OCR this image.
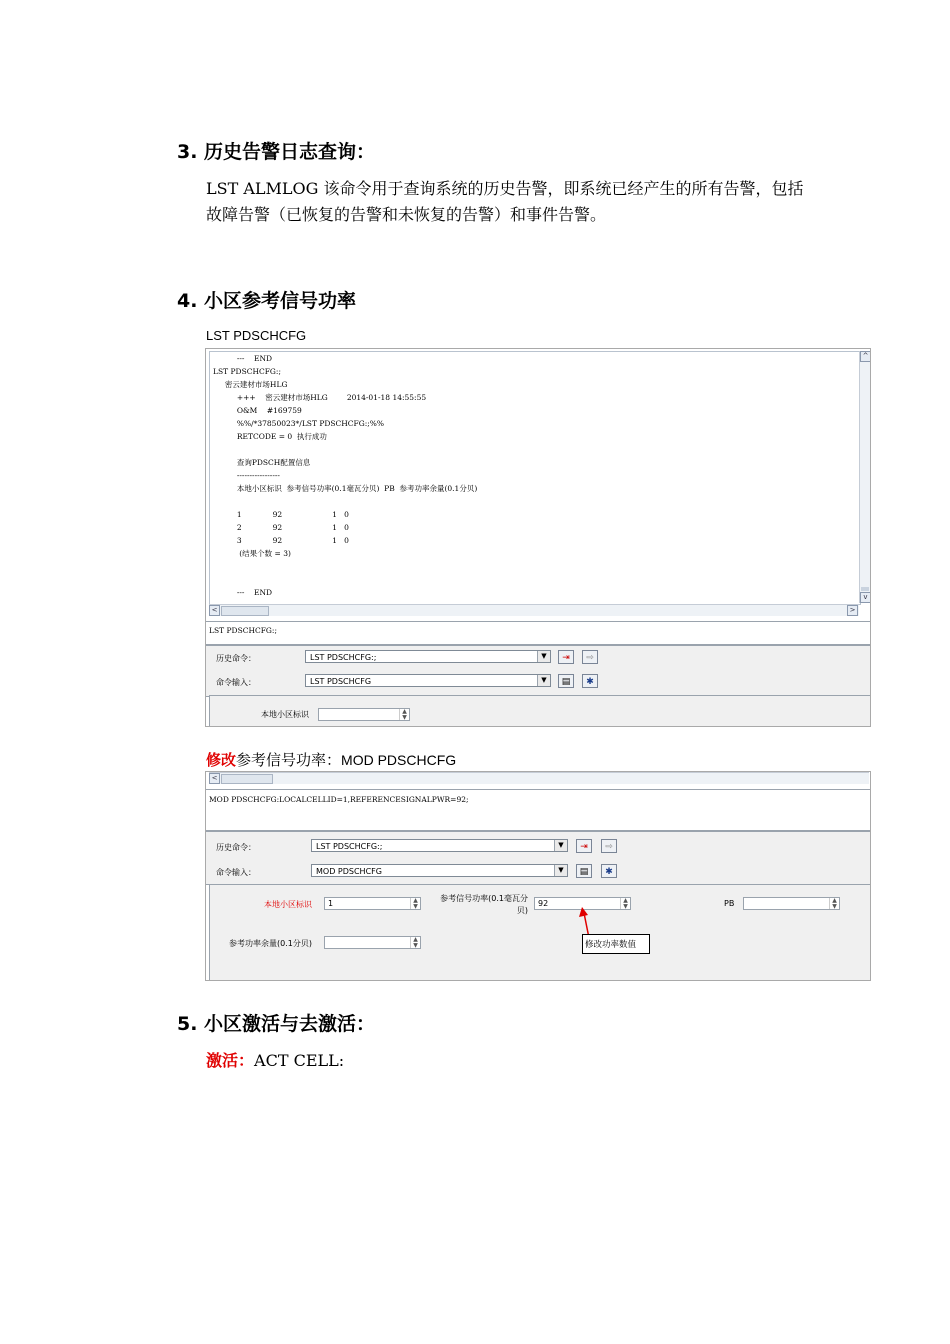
3. 历史告警日志查询：
LST ALMLOG 该命令用于查询系统的历史告警，即系统已经产生的所有告警，包括故障告警（已恢复的告警和未恢复的告警）和事件告警。
4. 小区参考信号功率
LST PDSCHCFG
---    END
LST PDSCHCFG:;
密云建材市场HLG
+++    密云建材市场HLG        2014-01-18 14:55:55
O&M    #169759
%%/*37850023*/LST PDSCHCFG:;%%
RETCODE = 0  执行成功

查询PDSCH配置信息
-----------------
本地小区标识  参考信号功率(0.1毫瓦分贝)  PB  参考功率余量(0.1分贝)

1             92                     1   0
2             92                     1   0
3             92                     1   0
(结果个数 = 3)

---    END
^
v
<	>
LST PDSCHCFG:;
历史命令：	LST PDSCHCFG:;	▼	⇥	⇨
命令输入：	LST PDSCHCFG	▼	▤	✱
本地小区标识	▲
▼
修改参考信号功率：MOD PDSCHCFG
<
MOD PDSCHCFG:LOCALCELLID=1,REFERENCESIGNALPWR=92;
历史命令：	LST PDSCHCFG:;	▼	⇥	⇨
命令输入：	MOD PDSCHCFG	▼	▤	✱
本地小区标识	1	▲
▼
参考信号功率(0.1毫瓦分
贝)
92	▲
▼	PB	▲
▼
参考功率余量(0.1分贝)	▲
▼	修改功率数值
5. 小区激活与去激活：
激活：ACT CELL:
